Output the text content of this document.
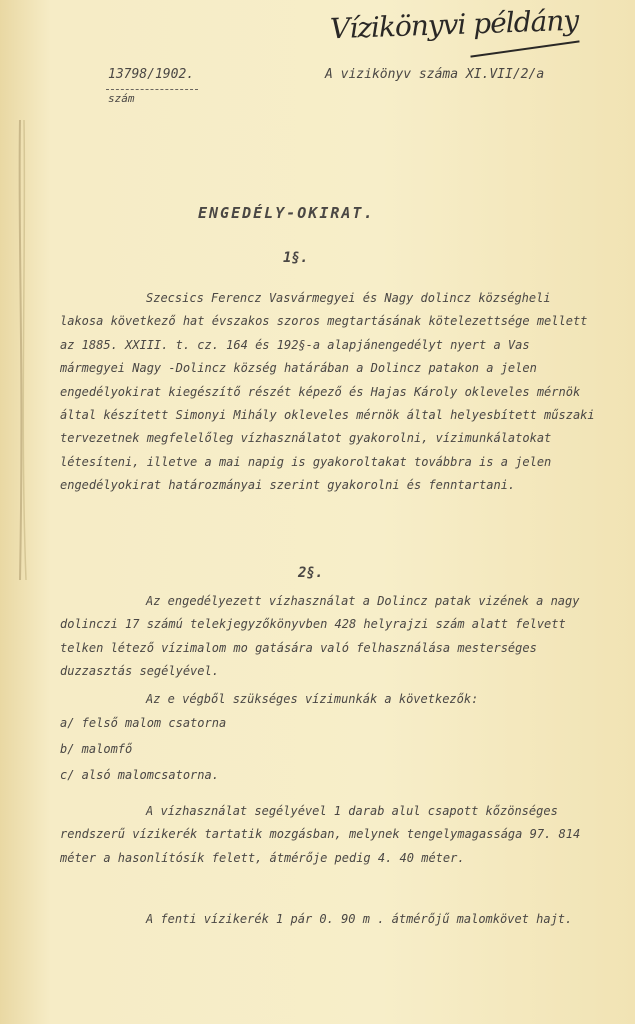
Vízikönyvi példány
13798/1902.
szám
A vizikönyv száma XI.VII/2/a
ENGEDÉLY-OKIRAT.
1§.
Szecsics Ferencz Vasvármegyei és Nagy dolincz községheli lakosa következő hat évszakos szoros megtartásának kötelezettsége mellett az 1885. XXIII. t. cz. 164 és 192§-a alapjánengedélyt nyert a Vas mármegyei Nagy -Dolincz község határában a Dolincz patakon a jelen engedélyokirat kiegészítő részét képező és Hajas Károly okleveles mérnök által készített Simonyi Mihály okleveles mérnök által helyesbített műszaki tervezetnek megfelelőleg vízhasználatot gyakorolni, vízimunkálatokat létesíteni, illetve a mai napig is gyakoroltakat továbbra is a jelen engedélyokirat határozmányai szerint gyakorolni és fenntartani.
2§.
Az engedélyezett vízhasználat a Dolincz patak vizének a nagy dolinczi 17 számú telekjegyzőkönyvben 428 helyrajzi szám alatt felvett telken létező vízimalom mo gatására való felhasználása mesterséges duzzasztás segélyével.
Az e végből szükséges vízimunkák a következők:
a/ felső malom csatorna
b/ malomfő
c/ alsó malomcsatorna.
A vízhasználat segélyével 1 darab alul csapott kőzönséges rendszerű vízikerék tartatik mozgásban, melynek tengelymagassága 97. 814 méter a hasonlítósík felett, átmérője pedig 4. 40 méter.
A fenti vízikerék 1 pár 0. 90 m . átmérőjű malomkövet hajt.
